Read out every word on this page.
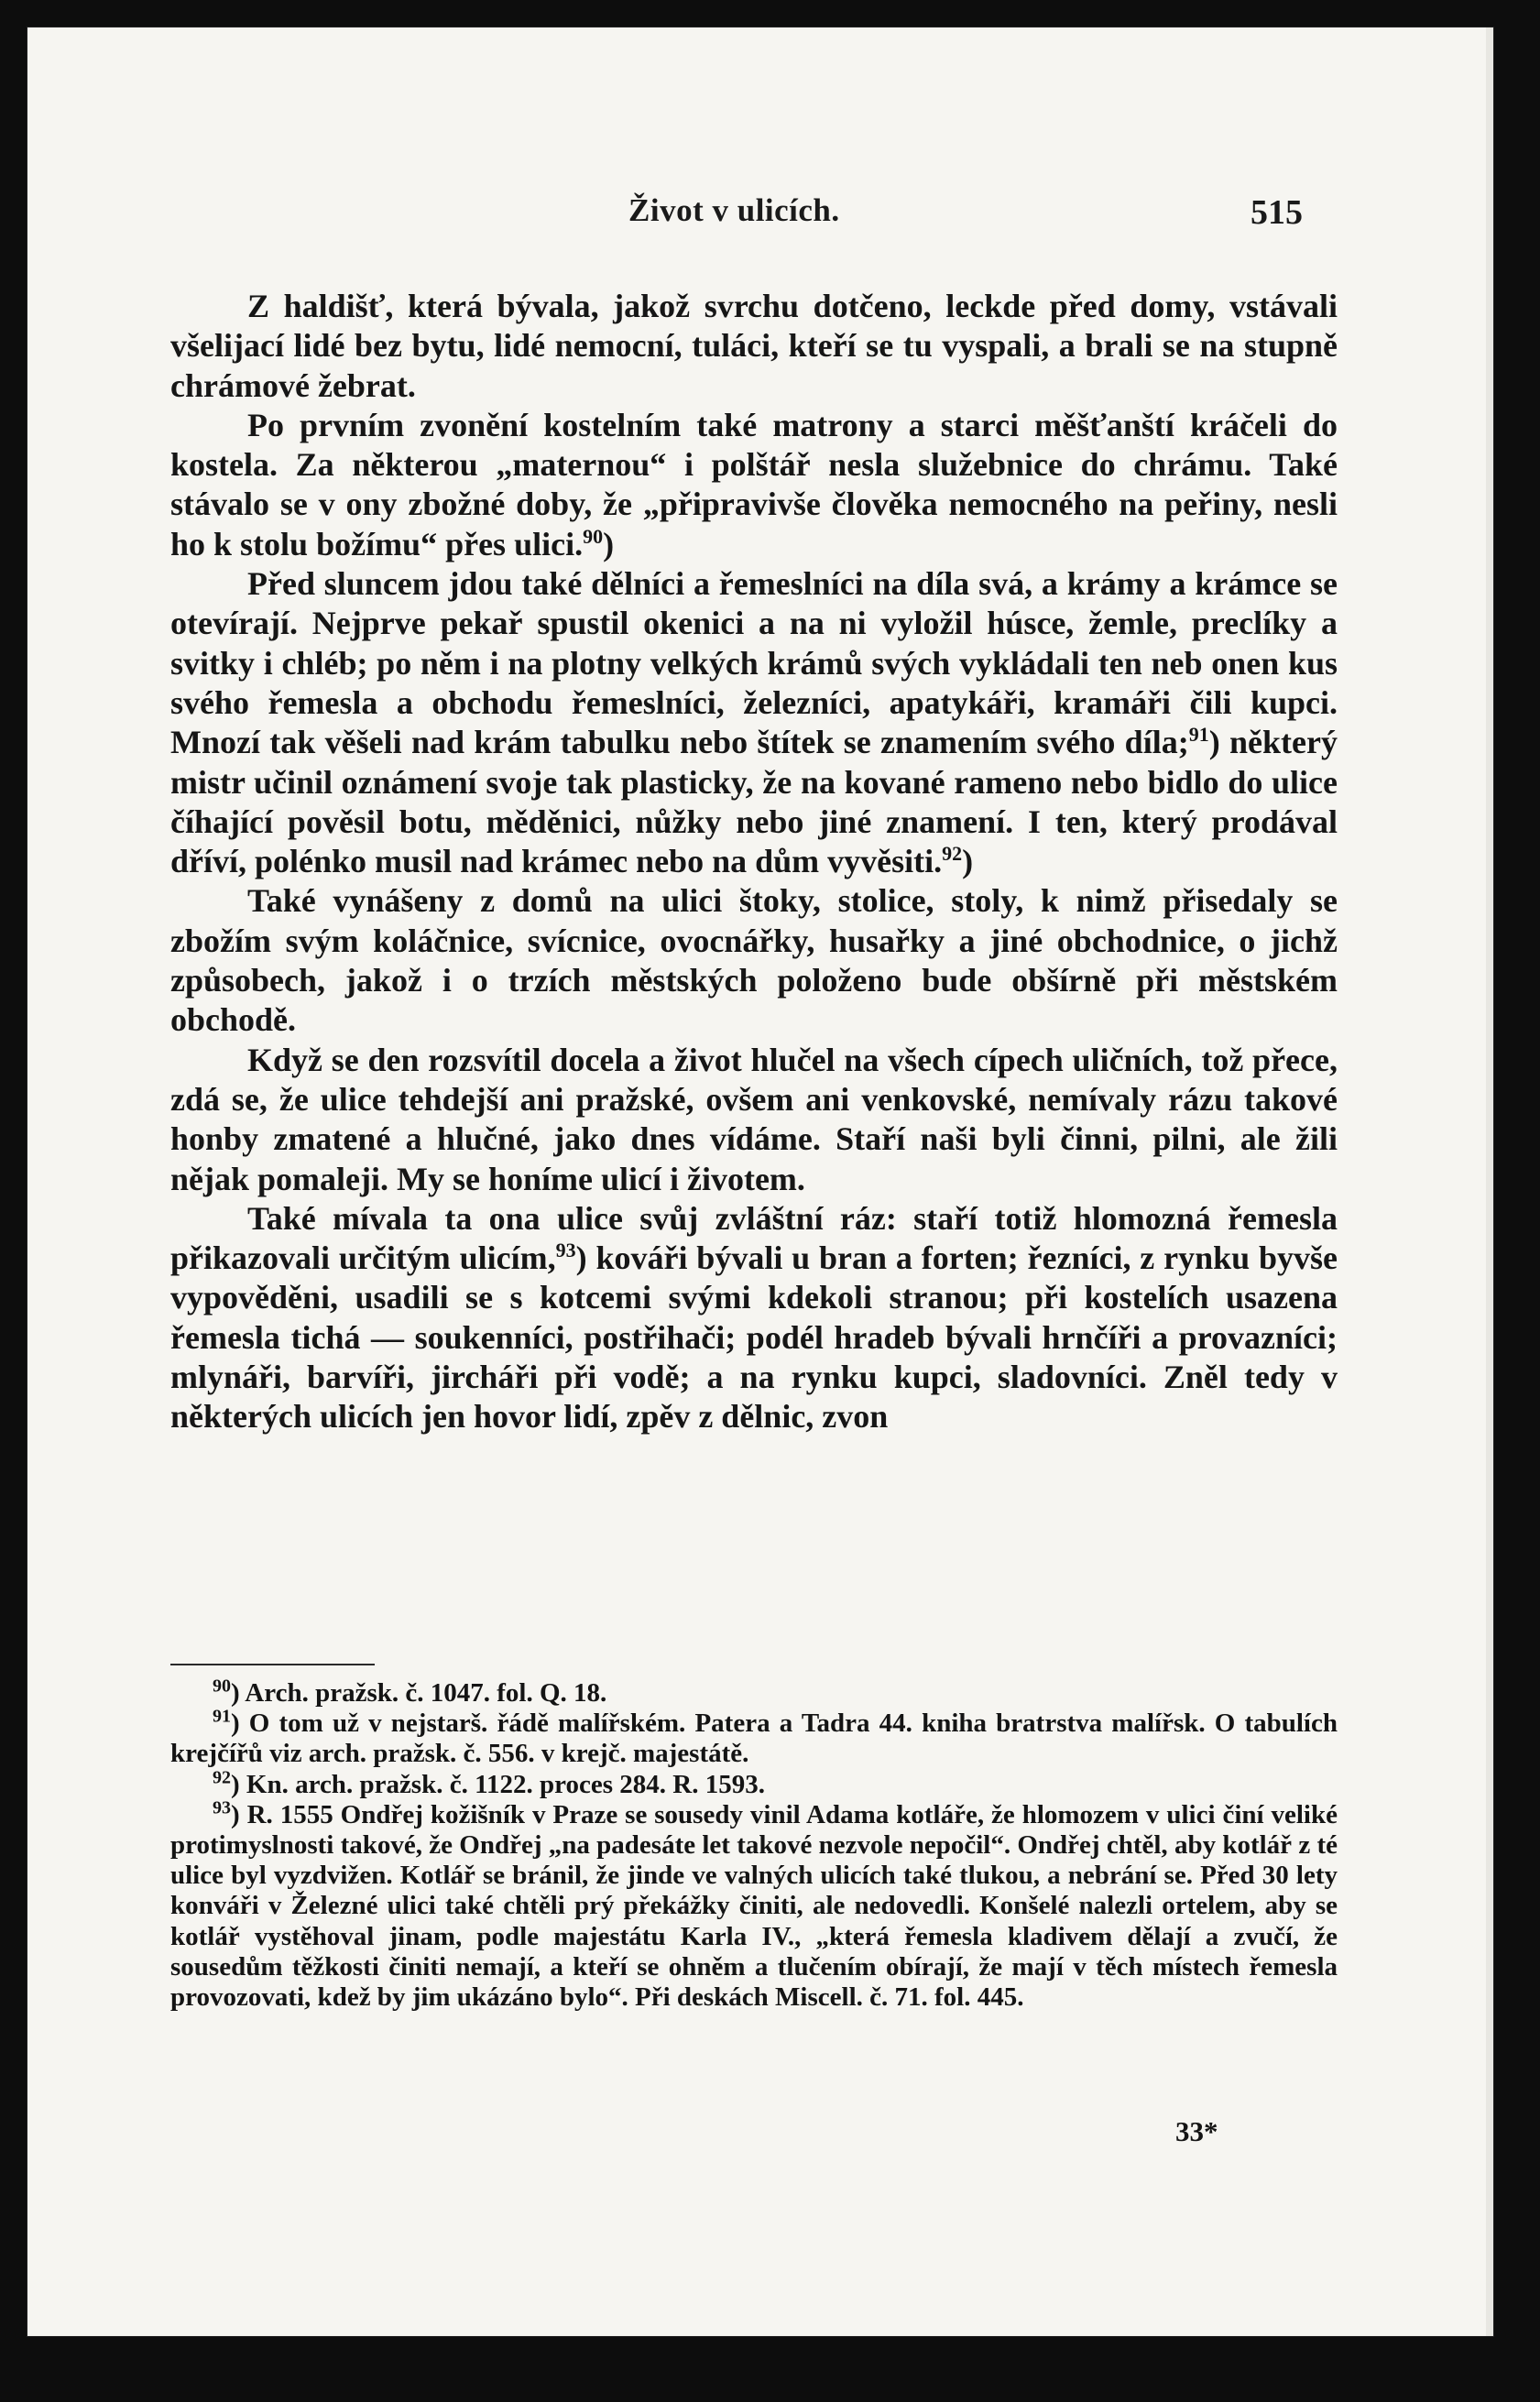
Život v ulicích.	515

Z haldišť, která bývala, jakož svrchu dotčeno, leckde před domy, vstávali všelijací lidé bez bytu, lidé nemocní, tuláci, kteří se tu vyspali, a brali se na stupně chrámové žebrat.

Po prvním zvonění kostelním také matrony a starci měšťanští kráčeli do kostela. Za některou „maternou“ i polštář nesla služebnice do chrámu. Také stávalo se v ony zbožné doby, že „připravivše člověka nemocného na peřiny, nesli ho k stolu božímu“ přes ulici.$^{90}$)

Před sluncem jdou také dělníci a řemeslníci na díla svá, a krámy a krámce se otevírají. Nejprve pekař spustil okenici a na ni vyložil húsce, žemle, preclíky a svitky i chléb; po něm i na plotny velkých krámů svých vykládali ten neb onen kus svého řemesla a obchodu řemeslníci, železníci, apatykáři, kramáři čili kupci. Mnozí tak věšeli nad krám tabulku nebo štítek se znamením svého díla;$^{91}$) některý mistr učinil oznámení svoje tak plasticky, že na kované rameno nebo bidlo do ulice číhající pověsil botu, měděnici, nůžky nebo jiné znamení. I ten, který prodával dříví, polénko musil nad krámec nebo na dům vyvěsiti.$^{92}$)

Také vynášeny z domů na ulici štoky, stolice, stoly, k nimž přisedaly se zbožím svým koláčnice, svícnice, ovocnářky, husařky a jiné obchodnice, o jichž způsobech, jakož i o trzích městských položeno bude obšírně při městském obchodě.

Když se den rozsvítil docela a život hlučel na všech cípech uličních, tož přece, zdá se, že ulice tehdejší ani pražské, ovšem ani venkovské, nemívaly rázu takové honby zmatené a hlučné, jako dnes vídáme. Staří naši byli činni, pilni, ale žili nějak pomaleji. My se honíme ulicí i životem.

Také mívala ta ona ulice svůj zvláštní ráz: staří totiž hlomozná řemesla přikazovali určitým ulicím,$^{93}$) kováři bývali u bran a forten; řezníci, z rynku byvše vypověděni, usadili se s kotcemi svými kdekoli stranou; při kostelích usazena řemesla tichá — soukenníci, postřihači; podél hradeb bývali hrnčíři a provazníci; mlynáři, barvíři, jircháři při vodě; a na rynku kupci, sladovníci. Zněl tedy v některých ulicích jen hovor lidí, zpěv z dělnic, zvon

$^{90}$) Arch. pražsk. č. 1047. fol. Q. 18.

$^{91}$) O tom už v nejstarš. řádě malířském. Patera a Tadra 44. kniha bratrstva malířsk. O tabulích krejčířů viz arch. pražsk. č. 556. v krejč. majestátě.

$^{92}$) Kn. arch. pražsk. č. 1122. proces 284. R. 1593.

$^{93}$) R. 1555 Ondřej kožišník v Praze se sousedy vinil Adama kotláře, že hlomozem v ulici činí veliké protimyslnosti takové, že Ondřej „na padesáte let takové nezvole nepočil“. Ondřej chtěl, aby kotlář z té ulice byl vyzdvižen. Kotlář se bránil, že jinde ve valných ulicích také tlukou, a nebrání se. Před 30 lety konváři v Železné ulici také chtěli prý překážky činiti, ale nedovedli. Konšelé nalezli ortelem, aby se kotlář vystěhoval jinam, podle majestátu Karla IV., „která řemesla kladivem dělají a zvučí, že sousedům těžkosti činiti nemají, a kteří se ohněm a tlučením obírají, že mají v těch místech řemesla provozovati, kdež by jim ukázáno bylo“. Při deskách Miscell. č. 71. fol. 445.

33*
